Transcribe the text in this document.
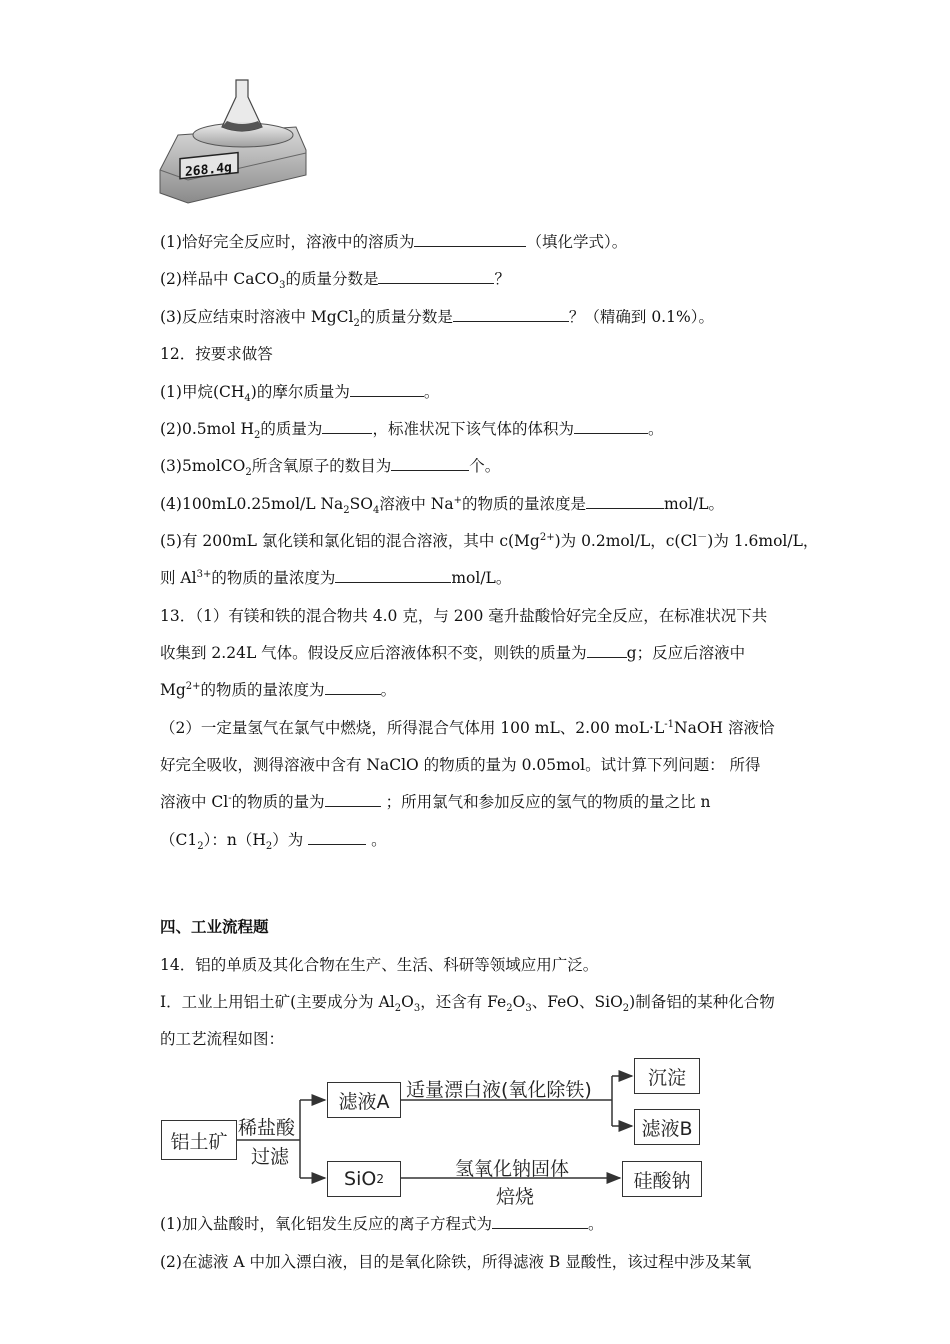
268.4g
(1)恰好完全反应时，溶液中的溶质为	（填化学式）。
(2)样品中 CaCO$_3$的质量分数是	？
(3)反应结束时溶液中 MgCl$_2$的质量分数是	？（精确到 0.1%）。
12．按要求做答
(1)甲烷$(CH_4)$的摩尔质量为	。
(2)0.5mol $H_2$的质量为	，标准状况下该气体的体积为	。
(3)5molCO$_2$所含氧原子的数目为	个。
(4)100mL0.25mol/L $Na_2SO_4$溶液中 Na+的物质的量浓度是	mol/L。
(5)有 200mL 氯化镁和氯化铝的混合溶液，其中 $c(Mg^{2+})$为 0.2mol/L，c(Cl－)为 1.6mol/L，
则 $Al^{3+}$的物质的量浓度为	mol/L。
13．（1）有镁和铁的混合物共 4.0 克，与 200 毫升盐酸恰好完全反应，在标准状况下共
收集到 2.24L 气体。假设反应后溶液体积不变，则铁的质量为	g；反应后溶液中
$Mg^{2+}$的物质的量浓度为	。
（2）一定量氢气在氯气中燃烧，所得混合气体用 100 mL、2.00 $moL\cdot L^{-1}NaOH$ 溶液恰
好完全吸收，测得溶液中含有 NaClO 的物质的量为 0.05mol。试计算下列问题： 所得
溶液中 Cl-的物质的量为	；所用氯气和参加反应的氢气的物质的量之比 n
$(C1_2)$：$n(H_2)$为	。
四、工业流程题
14．铝的单质及其化合物在生产、生活、科研等领域应用广泛。
I．工业上用铝土矿(主要成分为 $Al_2O_3$，还含有 $Fe_2O_3$、FeO、SiO$_2$)制备铝的某种化合物
的工艺流程如图：
铝土矿
稀盐酸
过滤
滤液A
SiO 2
适量漂白液(氧化除铁)
沉淀
滤液B
氢氧化钠固体
焙烧
硅酸钠
(1)加入盐酸时，氧化铝发生反应的离子方程式为	。
(2)在滤液 A 中加入漂白液，目的是氧化除铁，所得滤液 B 显酸性，该过程中涉及某氧
